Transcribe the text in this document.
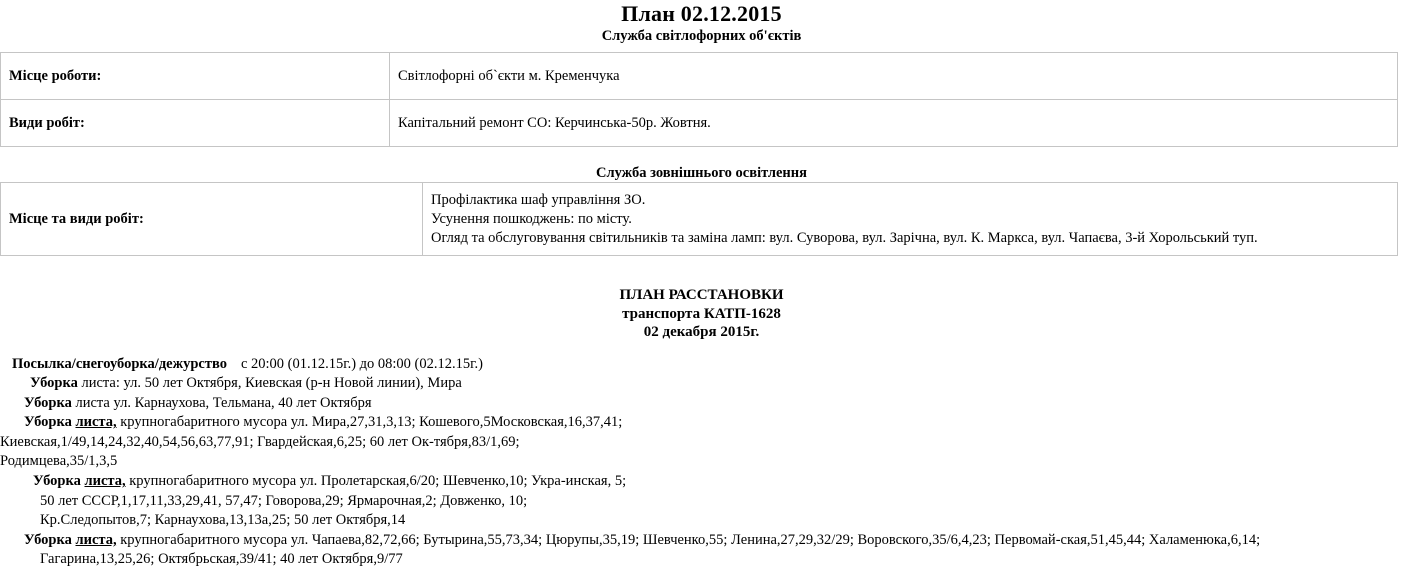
План 02.12.2015
Служба світлофорних об'єктів
Місце роботи:	Світлофорні об`єкти м. Кременчука
Види робіт:	Капітальний ремонт СО: Керчинська-50р. Жовтня.
Служба зовнішнього освітлення
Місце та види робіт:	
Профілактика шаф управління ЗО.
Усунення пошкоджень: по місту.
Огляд та обслуговування світильників та заміна ламп: вул. Суворова, вул. Зарічна, вул. К. Маркса, вул. Чапаєва, 3-й Хорольський туп.
ПЛАН РАССТАНОВКИ
транспорта КАТП-1628
02 декабря 2015г.
Посылка/снегоуборка/дежурство с 20:00 (01.12.15г.) до 08:00 (02.12.15г.)
Уборка листа: ул. 50 лет Октября, Киевская (р-н Новой линии), Мира
Уборка листа ул. Карнаухова, Тельмана, 40 лет Октября
Уборка листа, крупногабаритного мусора ул. Мира,27,31,3,13; Кошевого,5Московская,16,37,41;
Киевская,1/49,14,24,32,40,54,56,63,77,91; Гвардейская,6,25; 60 лет Ок-тября,83/1,69;
Родимцева,35/1,3,5
Уборка листа, крупногабаритного мусора ул. Пролетарская,6/20; Шевченко,10; Укра-инская, 5;
50 лет СССР,1,17,11,33,29,41, 57,47; Говорова,29; Ярмарочная,2; Довженко, 10;
Кр.Следопытов,7; Карнаухова,13,13а,25; 50 лет Октября,14
Уборка листа, крупногабаритного мусора ул. Чапаева,82,72,66; Бутырина,55,73,34; Цюрупы,35,19; Шевченко,55; Ленина,27,29,32/29; Воровского,35/6,4,23; Первомай-ская,51,45,44; Халаменюка,6,14;
Гагарина,13,25,26; Октябрьская,39/41; 40 лет Октября,9/77
